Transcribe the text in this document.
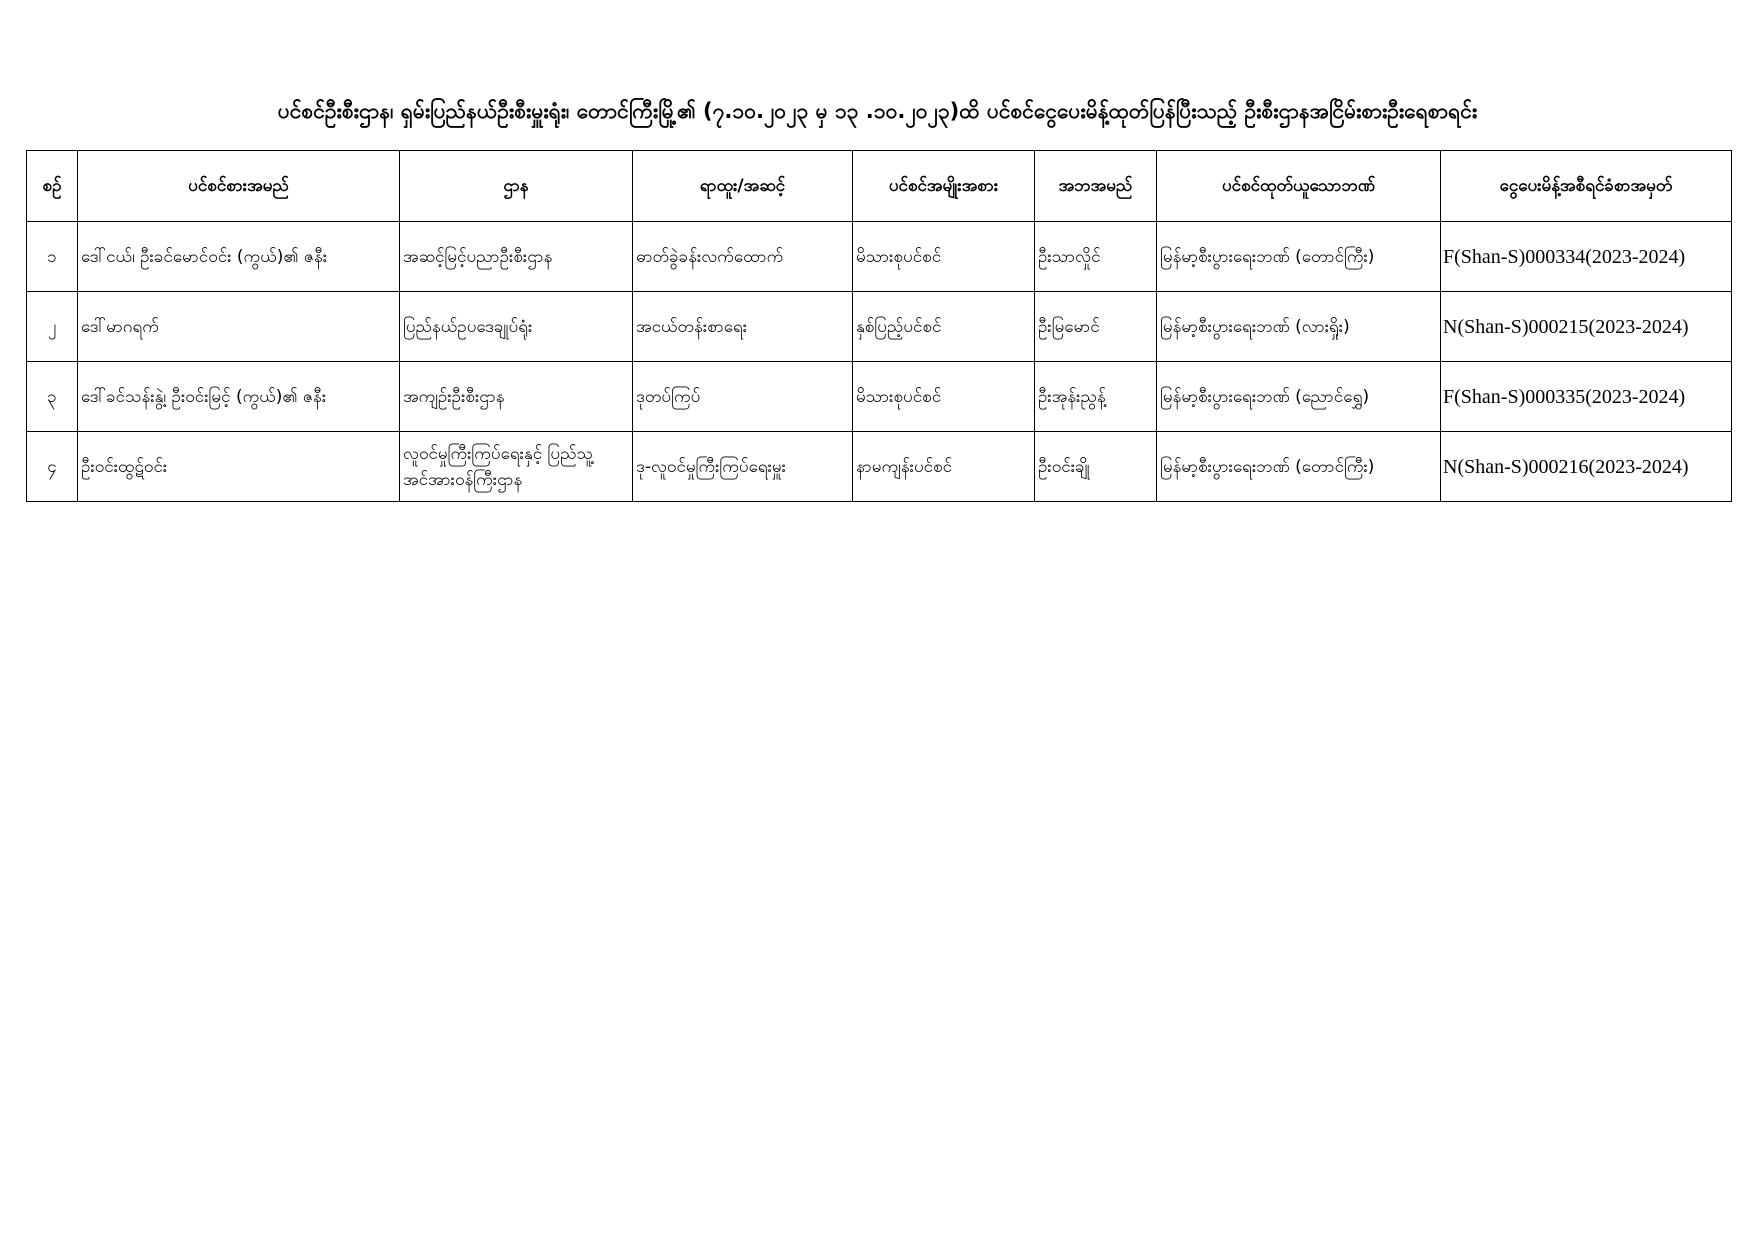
ပင်စင်ဦးစီးဌာန၊ ရှမ်းပြည်နယ်ဦးစီးမှူးရုံး၊ တောင်ကြီးမြို့၏ (၇.၁၀.၂၀၂၃ မှ ၁၃ .၁၀.၂၀၂၃)ထိ ပင်စင်ငွေပေးမိန့်ထုတ်ပြန်ပြီးသည့် ဦးစီးဌာနအငြိမ်းစားဦးရေစာရင်း
စဉ်	ပင်စင်စားအမည်	ဌာန	ရာထူး/အဆင့်	ပင်စင်အမျိုးအစား	အဘအမည်	ပင်စင်ထုတ်ယူသောဘဏ်	ငွေပေးမိန့်အစီရင်ခံစာအမှတ်
၁	ဒေါ်ငယ်၊ ဦးခင်မောင်ဝင်း (ကွယ်)၏ ဇနီး	အဆင့်မြင့်ပညာဦးစီးဌာန	ဓာတ်ခွဲခန်းလက်ထောက်	မိသားစုပင်စင်	ဦးသာလှိုင်	မြန်မာ့စီးပွားရေးဘဏ် (တောင်ကြီး)	F(Shan-S)000334(2023-2024)
၂	ဒေါ်မာဂရက်	ပြည်နယ်ဥပဒေချုပ်ရုံး	အငယ်တန်းစာရေး	နှစ်ပြည့်ပင်စင်	ဦးမြမောင်	မြန်မာ့စီးပွားရေးဘဏ် (လားရှိုး)	N(Shan-S)000215(2023-2024)
၃	ဒေါ်ခင်သန်းနွဲ့၊ ဦးဝင်းမြင့် (ကွယ်)၏ ဇနီး	အကျဉ်းဦးစီးဌာန	ဒုတပ်ကြပ်	မိသားစုပင်စင်	ဦးအုန်းညွန့်	မြန်မာ့စီးပွားရေးဘဏ် (ညောင်ရွှေ)	F(Shan-S)000335(2023-2024)
၄	ဦးဝင်းထွဋ်ဝင်း	လူဝင်မှုကြီးကြပ်ရေးနှင့် ပြည်သူ့အင်အားဝန်ကြီးဌာန	ဒု-လူဝင်မှုကြီးကြပ်ရေးမှူး	နာမကျန်းပင်စင်	ဦးဝင်းချို	မြန်မာ့စီးပွားရေးဘဏ် (တောင်ကြီး)	N(Shan-S)000216(2023-2024)
